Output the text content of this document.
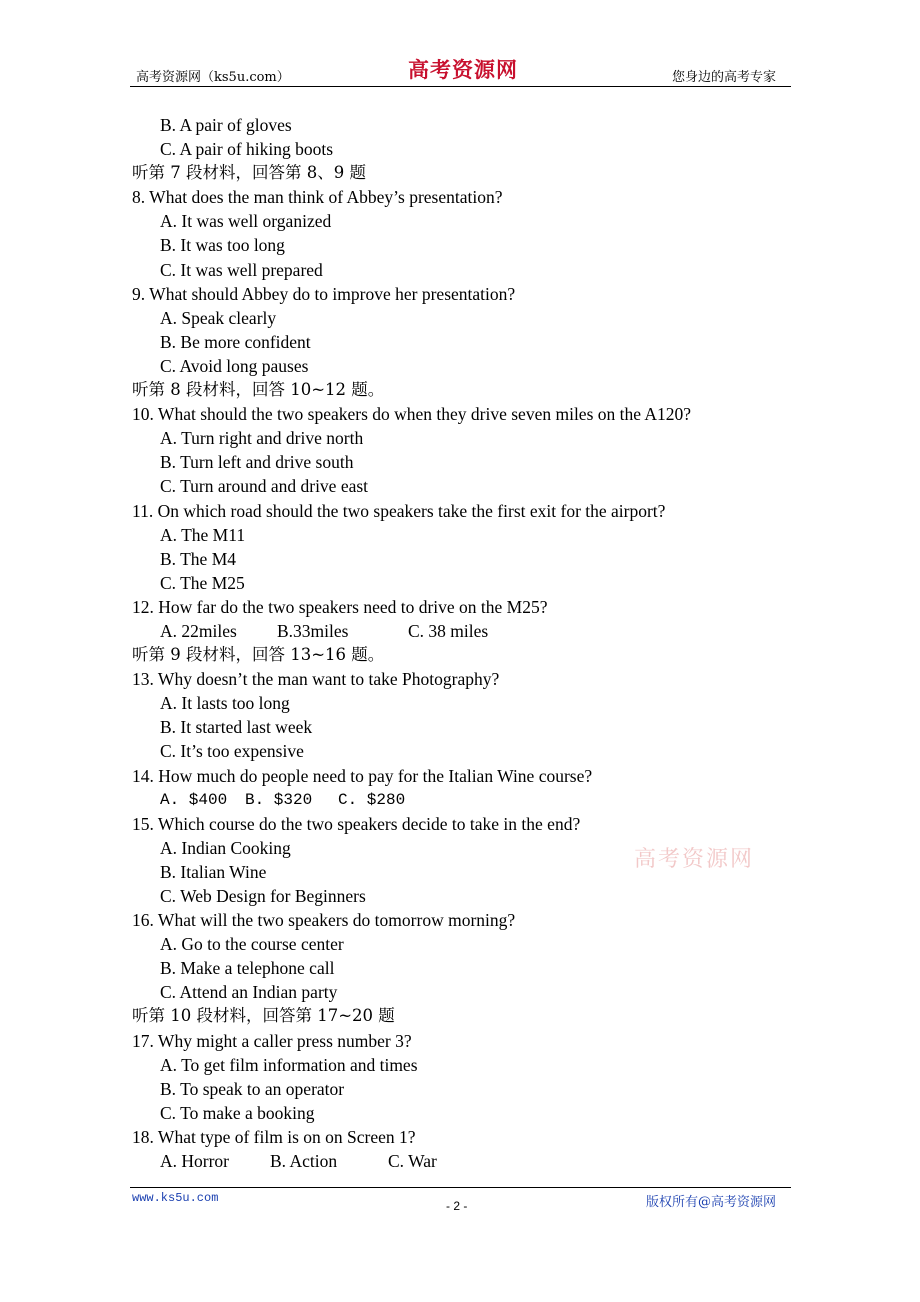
高考资源网（ks5u.com）	高考资源网	您身边的高考专家
B. A pair of gloves
C. A pair of hiking boots
听第 7 段材料，回答第 8、9 题
8. What does the man think of Abbey’s presentation?
A. It was well organized
B. It was too long
C. It was well prepared
9. What should Abbey do to improve her presentation?
A. Speak clearly
B. Be more confident
C. Avoid long pauses
听第 8 段材料，回答 10~12 题。
10. What should the two speakers do when they drive seven miles on the A120?
A. Turn right and drive north
B. Turn left and drive south
C. Turn around and drive east
11. On which road should the two speakers take the first exit for the airport?
A. The M11
B. The M4
C. The M25
12. How far do the two speakers need to drive on the M25?
A. 22miles	B.33miles	C. 38 miles
听第 9 段材料，回答 13~16 题。
13. Why doesn’t the man want to take Photography?
A. It lasts too long
B. It started last week
C. It’s too expensive
14. How much do people need to pay for the Italian Wine course?
A. $400	B. $320	C. $280
15. Which course do the two speakers decide to take in the end?
A. Indian Cooking
B. Italian Wine
C. Web Design for Beginners
16. What will the two speakers do tomorrow morning?
A. Go to the course center
B. Make a telephone call
C. Attend an Indian party
听第 10 段材料，回答第 17~20 题
17. Why might a caller press number 3?
A. To get film information and times
B. To speak to an operator
C. To make a booking
18. What type of film is on on Screen 1?
A. Horror	B. Action	C. War
高考资源网
www.ks5u.com
- 2 -	版权所有@高考资源网
